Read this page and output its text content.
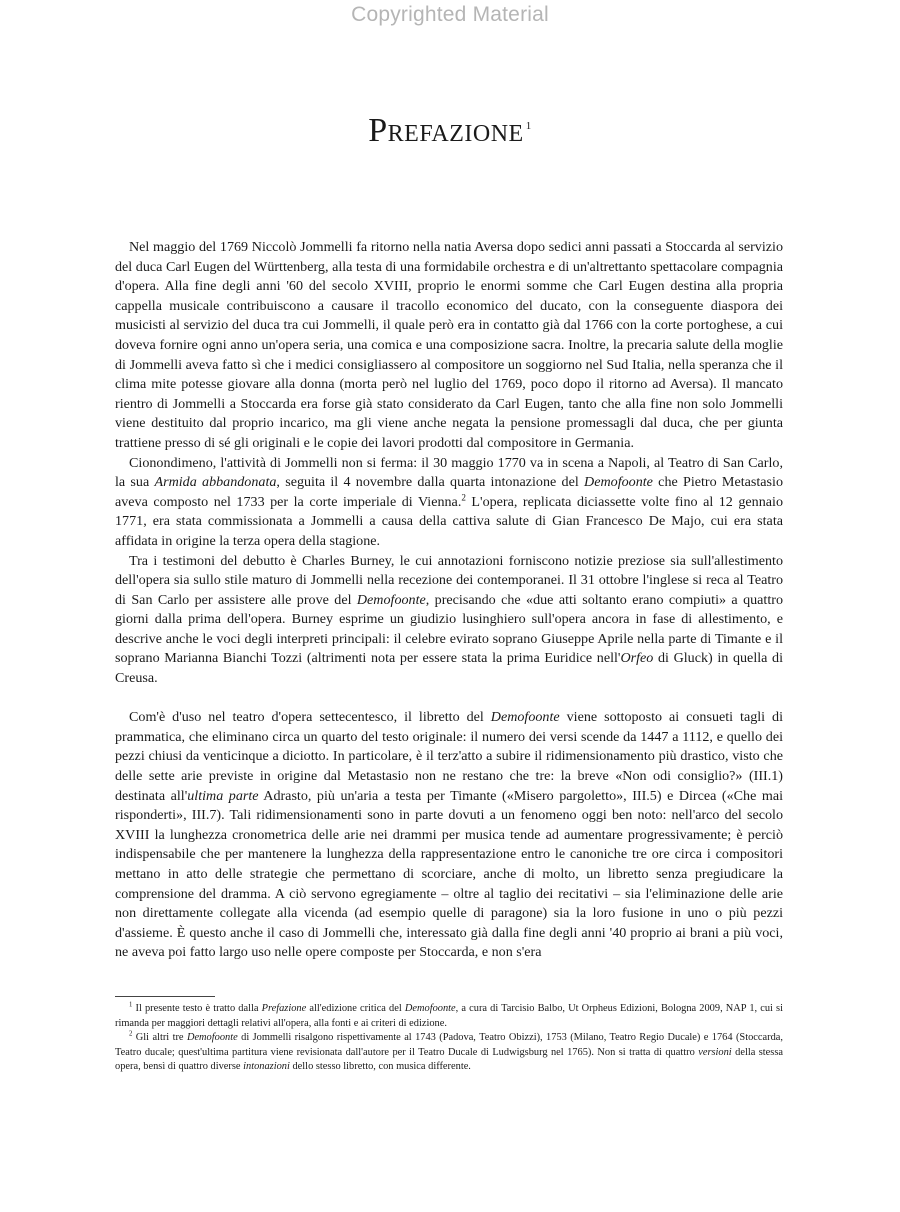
Copyrighted Material
Prefazione $^1$

Nel maggio del 1769 Niccolò Jommelli fa ritorno nella natia Aversa dopo sedici anni passati a Stoccarda al servizio del duca Carl Eugen del Württenberg, alla testa di una formidabile orchestra e di un'altrettanto spettacolare compagnia d'opera. Alla fine degli anni '60 del secolo XVIII, proprio le enormi somme che Carl Eugen destina alla propria cappella musicale contribuiscono a causare il tracollo economico del ducato, con la conseguente diaspora dei musicisti al servizio del duca tra cui Jommelli, il quale però era in contatto già dal 1766 con la corte portoghese, a cui doveva fornire ogni anno un'opera seria, una comica e una composizione sacra. Inoltre, la precaria salute della moglie di Jommelli aveva fatto sì che i medici consigliassero al compositore un soggiorno nel Sud Italia, nella speranza che il clima mite potesse giovare alla donna (morta però nel luglio del 1769, poco dopo il ritorno ad Aversa). Il mancato rientro di Jommelli a Stoccarda era forse già stato considerato da Carl Eugen, tanto che alla fine non solo Jommelli viene destituito dal proprio incarico, ma gli viene anche negata la pensione promessagli dal duca, che per giunta trattiene presso di sé gli originali e le copie dei lavori prodotti dal compositore in Germania.

Cionondimeno, l'attività di Jommelli non si ferma: il 30 maggio 1770 va in scena a Napoli, al Teatro di San Carlo, la sua Armida abbandonata, seguita il 4 novembre dalla quarta intonazione del Demofoonte che Pietro Metastasio aveva composto nel 1733 per la corte imperiale di Vienna.$^2$ L'opera, replicata diciassette volte fino al 12 gennaio 1771, era stata commissionata a Jommelli a causa della cattiva salute di Gian Francesco De Majo, cui era stata affidata in origine la terza opera della stagione.

Tra i testimoni del debutto è Charles Burney, le cui annotazioni forniscono notizie preziose sia sull'allestimento dell'opera sia sullo stile maturo di Jommelli nella recezione dei contemporanei. Il 31 ottobre l'inglese si reca al Teatro di San Carlo per assistere alle prove del Demofoonte, precisando che «due atti soltanto erano compiuti» a quattro giorni dalla prima dell'opera. Burney esprime un giudizio lusinghiero sull'opera ancora in fase di allestimento, e descrive anche le voci degli interpreti principali: il celebre evirato soprano Giuseppe Aprile nella parte di Timante e il soprano Marianna Bianchi Tozzi (altrimenti nota per essere stata la prima Euridice nell'Orfeo di Gluck) in quella di Creusa.

Com'è d'uso nel teatro d'opera settecentesco, il libretto del Demofoonte viene sottoposto ai consueti tagli di prammatica, che eliminano circa un quarto del testo originale: il numero dei versi scende da 1447 a 1112, e quello dei pezzi chiusi da venticinque a diciotto. In particolare, è il terz'atto a subire il ridimensionamento più drastico, visto che delle sette arie previste in origine dal Metastasio non ne restano che tre: la breve «Non odi consiglio?» (III.1) destinata all'ultima parte Adrasto, più un'aria a testa per Timante («Misero pargoletto», III.5) e Dircea («Che mai risponderti», III.7). Tali ridimensionamenti sono in parte dovuti a un fenomeno oggi ben noto: nell'arco del secolo XVIII la lunghezza cronometrica delle arie nei drammi per musica tende ad aumentare progressivamente; è perciò indispensabile che per mantenere la lunghezza della rappresentazione entro le canoniche tre ore circa i compositori mettano in atto delle strategie che permettano di scorciare, anche di molto, un libretto senza pregiudicare la comprensione del dramma. A ciò servono egregiamente – oltre al taglio dei recitativi – sia l'eliminazione delle arie non direttamente collegate alla vicenda (ad esempio quelle di paragone) sia la loro fusione in uno o più pezzi d'assieme. È questo anche il caso di Jommelli che, interessato già dalla fine degli anni '40 proprio ai brani a più voci, ne aveva poi fatto largo uso nelle opere composte per Stoccarda, e non s'era

$^1$ Il presente testo è tratto dalla Prefazione all'edizione critica del Demofoonte, a cura di Tarcisio Balbo, Ut Orpheus Edizioni, Bologna 2009, NAP 1, cui si rimanda per maggiori dettagli relativi all'opera, alla fonti e ai criteri di edizione.

$^2$ Gli altri tre Demofoonte di Jommelli risalgono rispettivamente al 1743 (Padova, Teatro Obizzi), 1753 (Milano, Teatro Regio Ducale) e 1764 (Stoccarda, Teatro ducale; quest'ultima partitura viene revisionata dall'autore per il Teatro Ducale di Ludwigsburg nel 1765). Non si tratta di quattro versioni della stessa opera, bensì di quattro diverse intonazioni dello stesso libretto, con musica differente.
